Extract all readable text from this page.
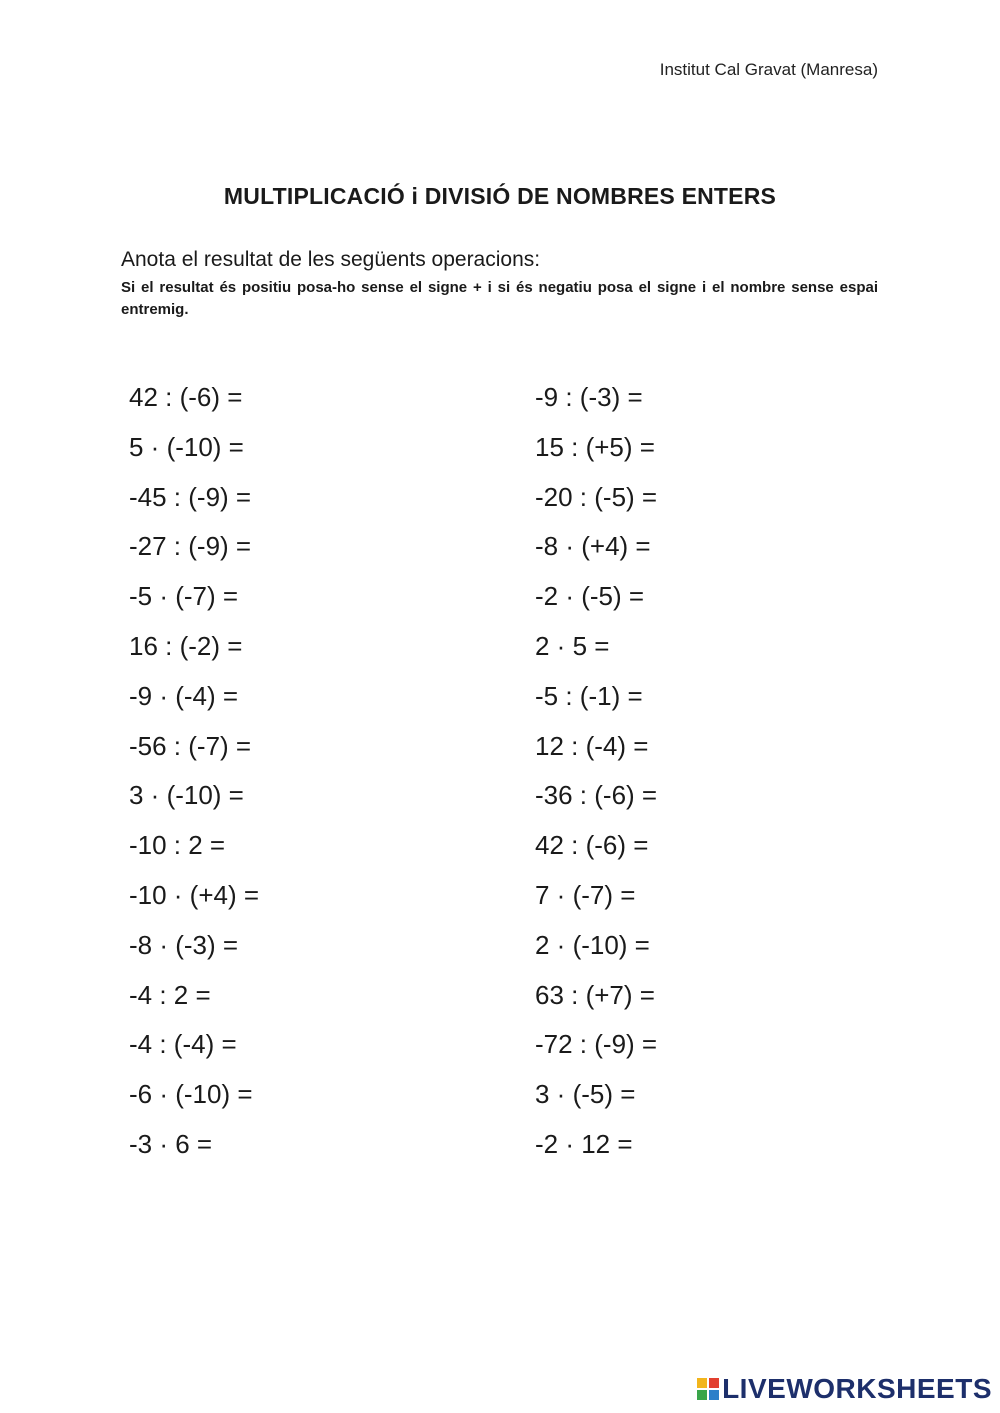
Institut Cal Gravat (Manresa)
MULTIPLICACIÓ i DIVISIÓ DE NOMBRES ENTERS

Anota el resultat de les següents operacions:

Si el resultat és positiu posa-ho sense el signe + i si és negatiu posa el signe i el nombre sense espai entremig.

42 : (-6) =
5 · (-10) =
-45 : (-9) =
-27 : (-9) =
-5 · (-7) =
16 : (-2) =
-9 · (-4) =
-56 : (-7) =
3 · (-10) =
-10 : 2 =
-10 · (+4) =
-8 · (-3) =
-4 : 2 =
-4 : (-4) =
-6 · (-10) =
-3 · 6 =
-9 : (-3) =
15 : (+5) =
-20 : (-5) =
-8 · (+4) =
-2 · (-5) =
2 · 5 =
-5 : (-1) =
12 : (-4) =
-36 : (-6) =
42 : (-6) =
7 · (-7) =
2 · (-10) =
63 : (+7) =
-72 : (-9) =
3 · (-5) =
-2 · 12 =
LIVEWORKSHEETS
